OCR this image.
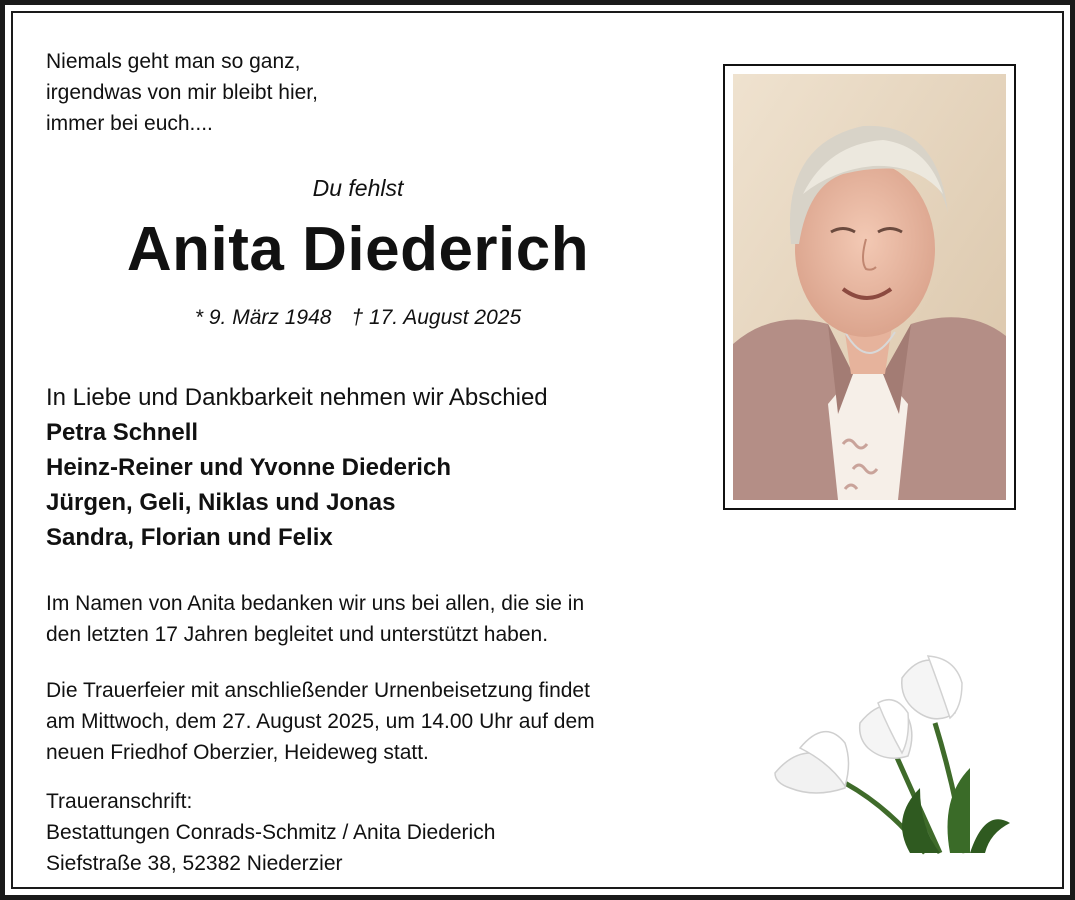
Niemals geht man so ganz,
irgendwas von mir bleibt hier,
immer bei euch....
Du fehlst
Anita Diederich
* 9. März 1948 † 17. August 2025
In Liebe und Dankbarkeit nehmen wir Abschied
Petra Schnell
Heinz-Reiner und Yvonne Diederich
Jürgen, Geli, Niklas und Jonas
Sandra, Florian und Felix
Im Namen von Anita bedanken wir uns bei allen, die sie in
den letzten 17 Jahren begleitet und unterstützt haben.
Die Trauerfeier mit anschließender Urnenbeisetzung findet
am Mittwoch, dem 27. August 2025, um 14.00 Uhr auf dem
neuen Friedhof Oberzier, Heideweg statt.
Traueranschrift:
Bestattungen Conrads-Schmitz / Anita Diederich
Siefstraße 38, 52382 Niederzier
